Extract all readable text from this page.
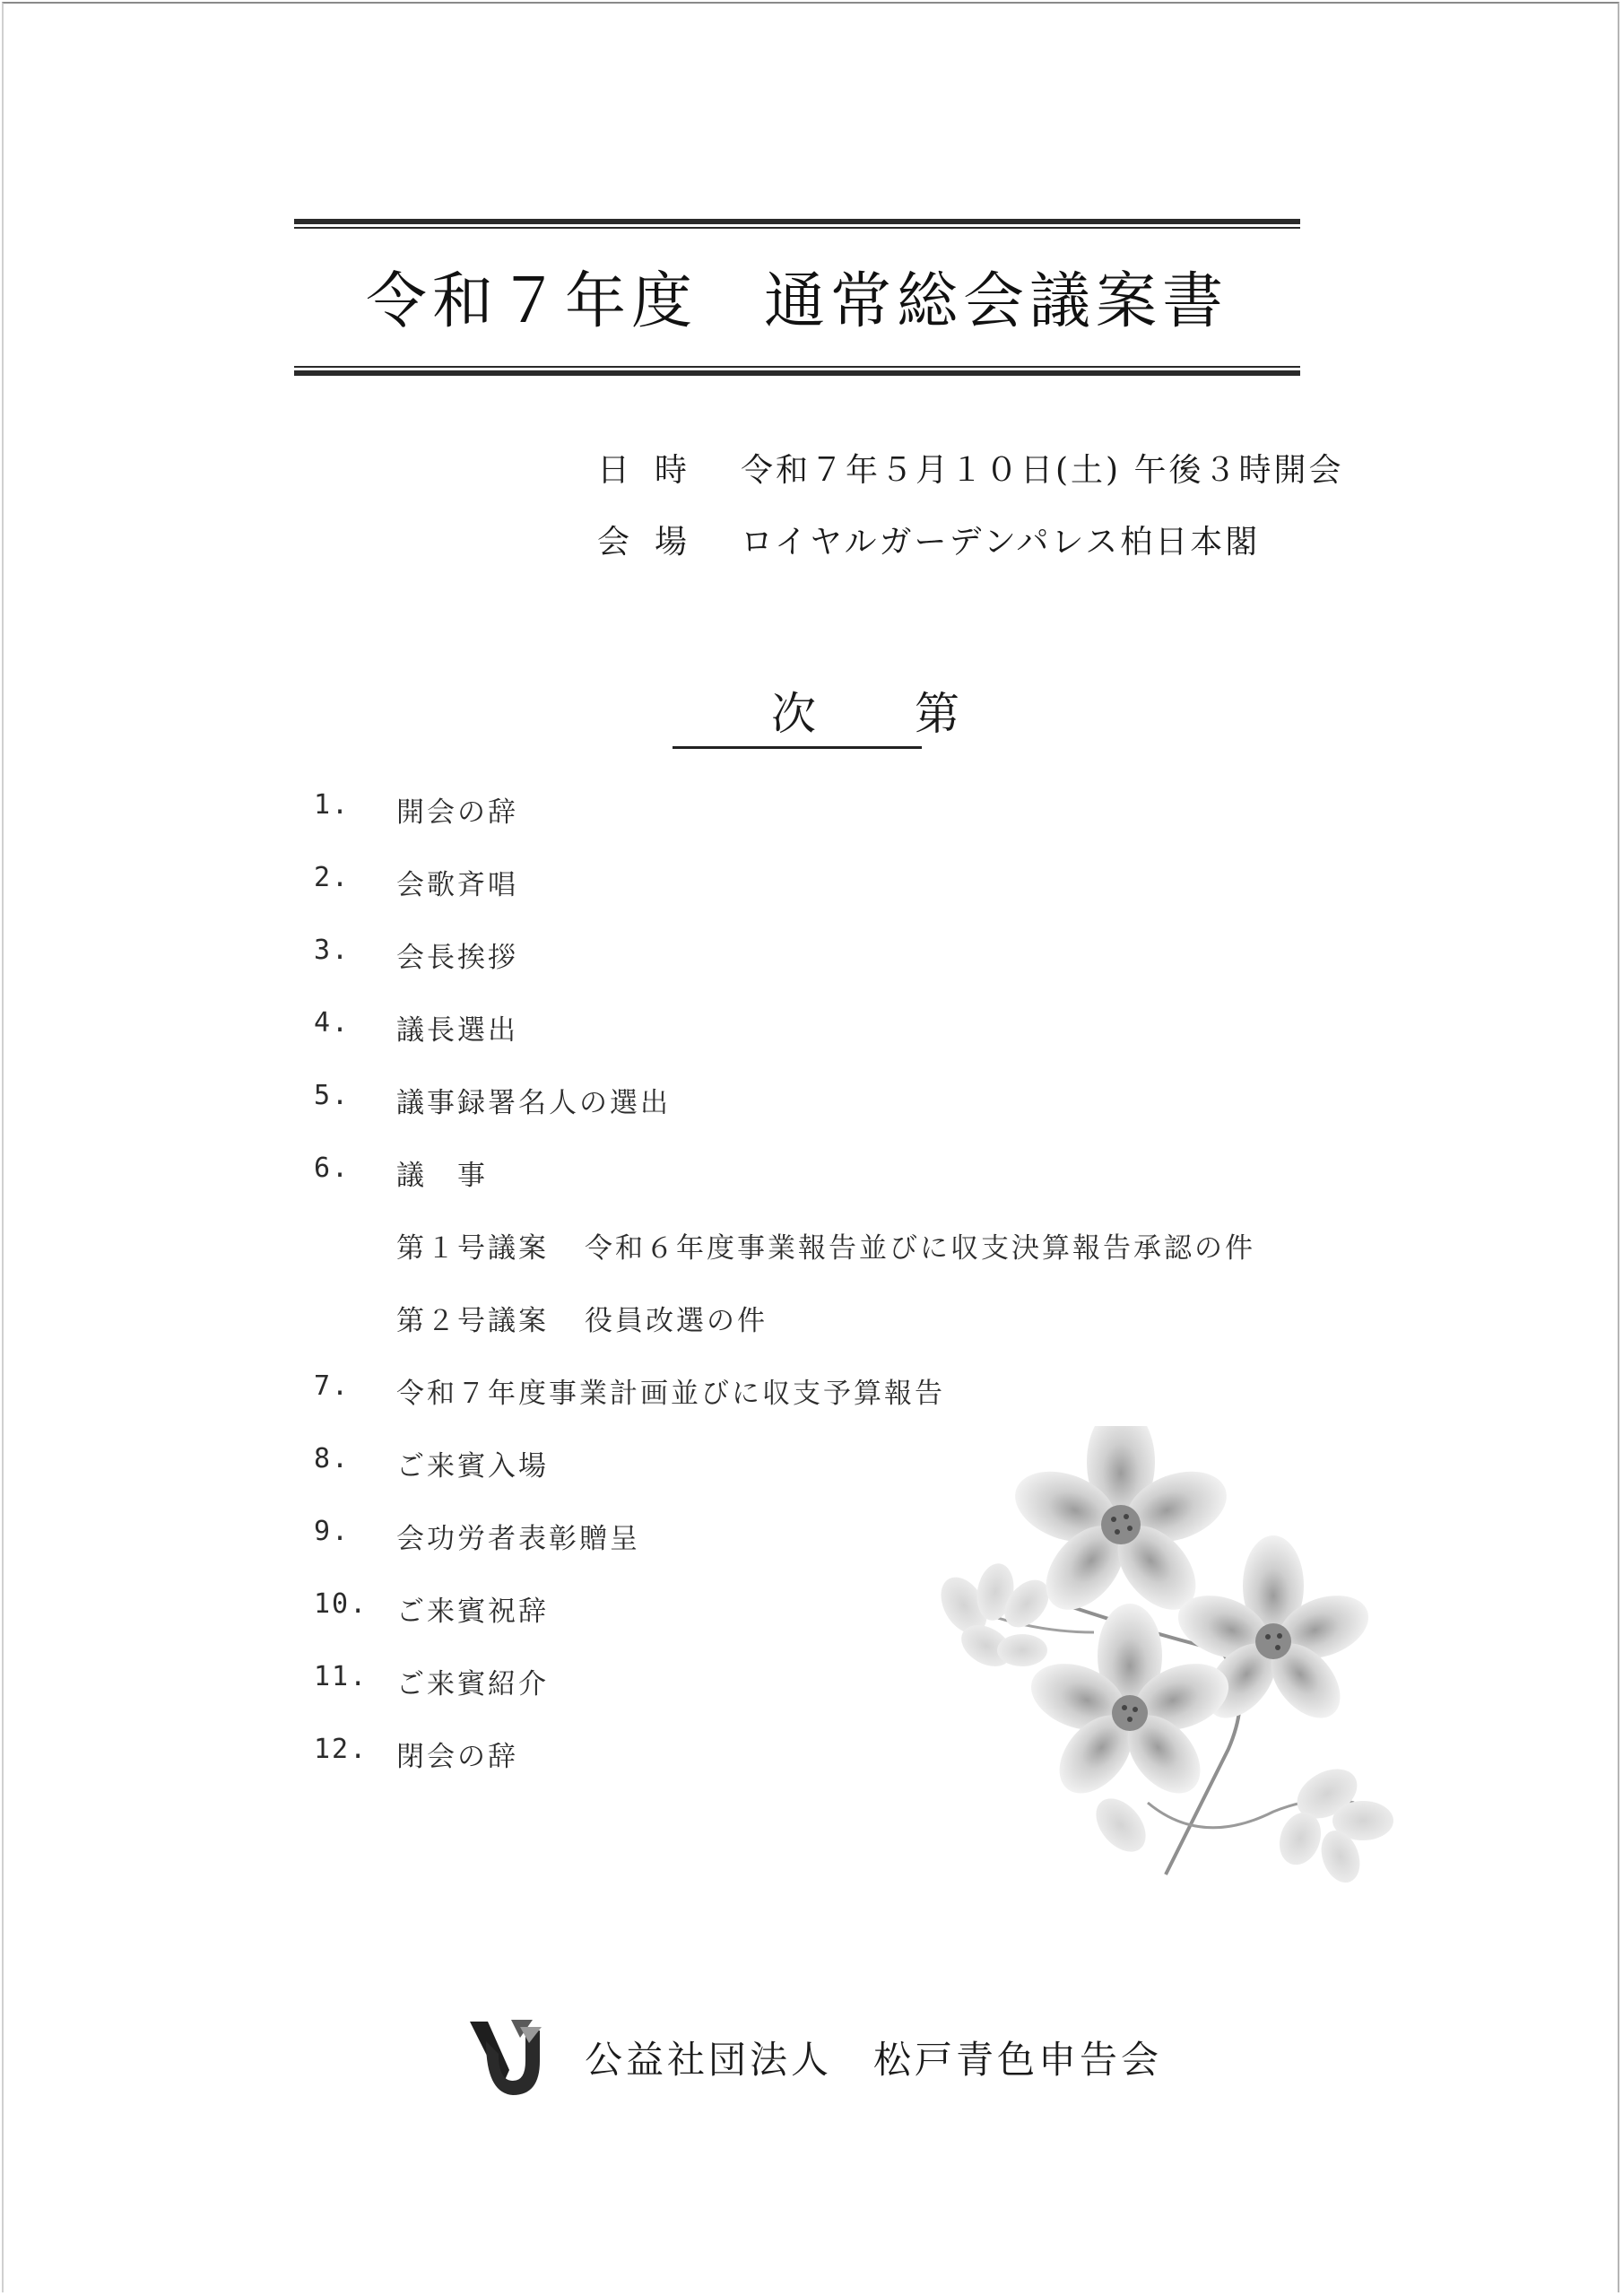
令和７年度　通常総会議案書
日時 令和７年５月１０日(土) 午後３時開会
会場 ロイヤルガーデンパレス柏日本閣
次第
1.	開会の辞
2.	会歌斉唱
3.	会長挨拶
4.	議長選出
5.	議事録署名人の選出
6.	議　事
第１号議案 令和６年度事業報告並びに収支決算報告承認の件
第２号議案 役員改選の件
7.	令和７年度事業計画並びに収支予算報告
8.	ご来賓入場
9.	会功労者表彰贈呈
10.	ご来賓祝辞
11.	ご来賓紹介
12.	閉会の辞
公益社団法人　松戸青色申告会
